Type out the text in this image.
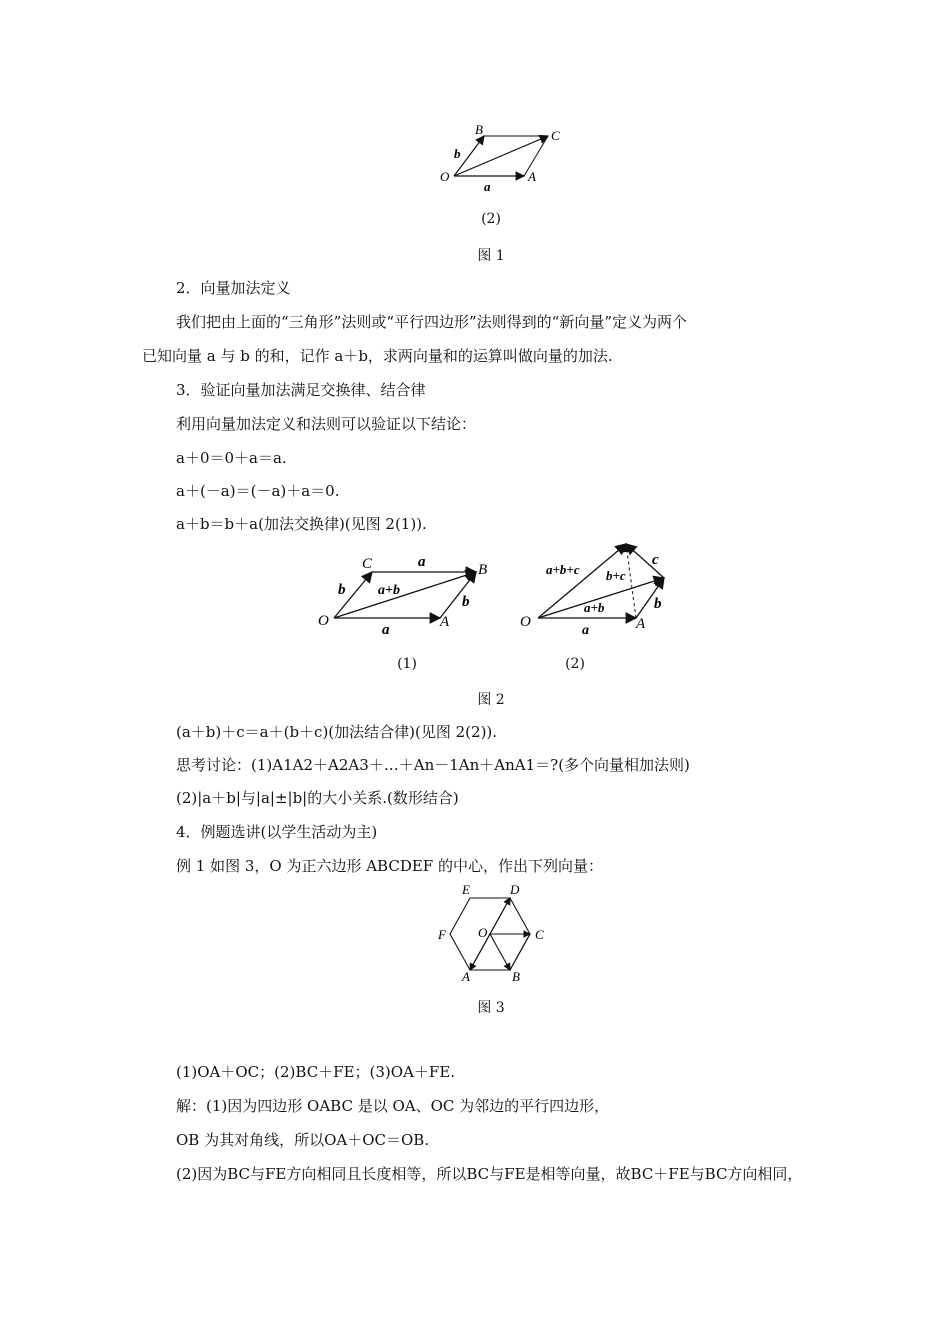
O	A
B	C
a
b
(2)
图 1
2．向量加法定义
我们把由上面的“三角形”法则或“平行四边形”法则得到的“新向量”定义为两个
已知向量 a 与 b 的和，记作 a＋b，求两向量和的运算叫做向量的加法.
3．验证向量加法满足交换律、结合律
利用向量加法定义和法则可以验证以下结论：
a＋0＝0＋a＝a.
a＋(－a)＝(－a)＋a＝0.
a＋b＝b＋a(加法交换律)(见图 2(1)).
O	A
B
C	a
a
b
b
a+b
O	A
a
b
c
a+b
b+c
a+b+c
(1)	(2)
图 2
(a＋b)＋c＝a＋(b＋c)(加法结合律)(见图 2(2)).
思考讨论：(1)A1A2＋A2A3＋…＋An－1An＋AnA1＝?(多个向量相加法则)
(2)|a＋b|与|a|±|b|的大小关系.(数形结合)
4．例题选讲(以学生活动为主)
例 1 如图 3，O 为正六边形 ABCDEF 的中心，作出下列向量：
E	D
F O	C
A	B
图 3
(1)OA＋OC；(2)BC＋FE；(3)OA＋FE.
解：(1)因为四边形 OABC 是以 OA、OC 为邻边的平行四边形，
OB 为其对角线，所以OA＋OC＝OB.
(2)因为BC与FE方向相同且长度相等，所以BC与FE是相等向量，故BC＋FE与BC方向相同，
